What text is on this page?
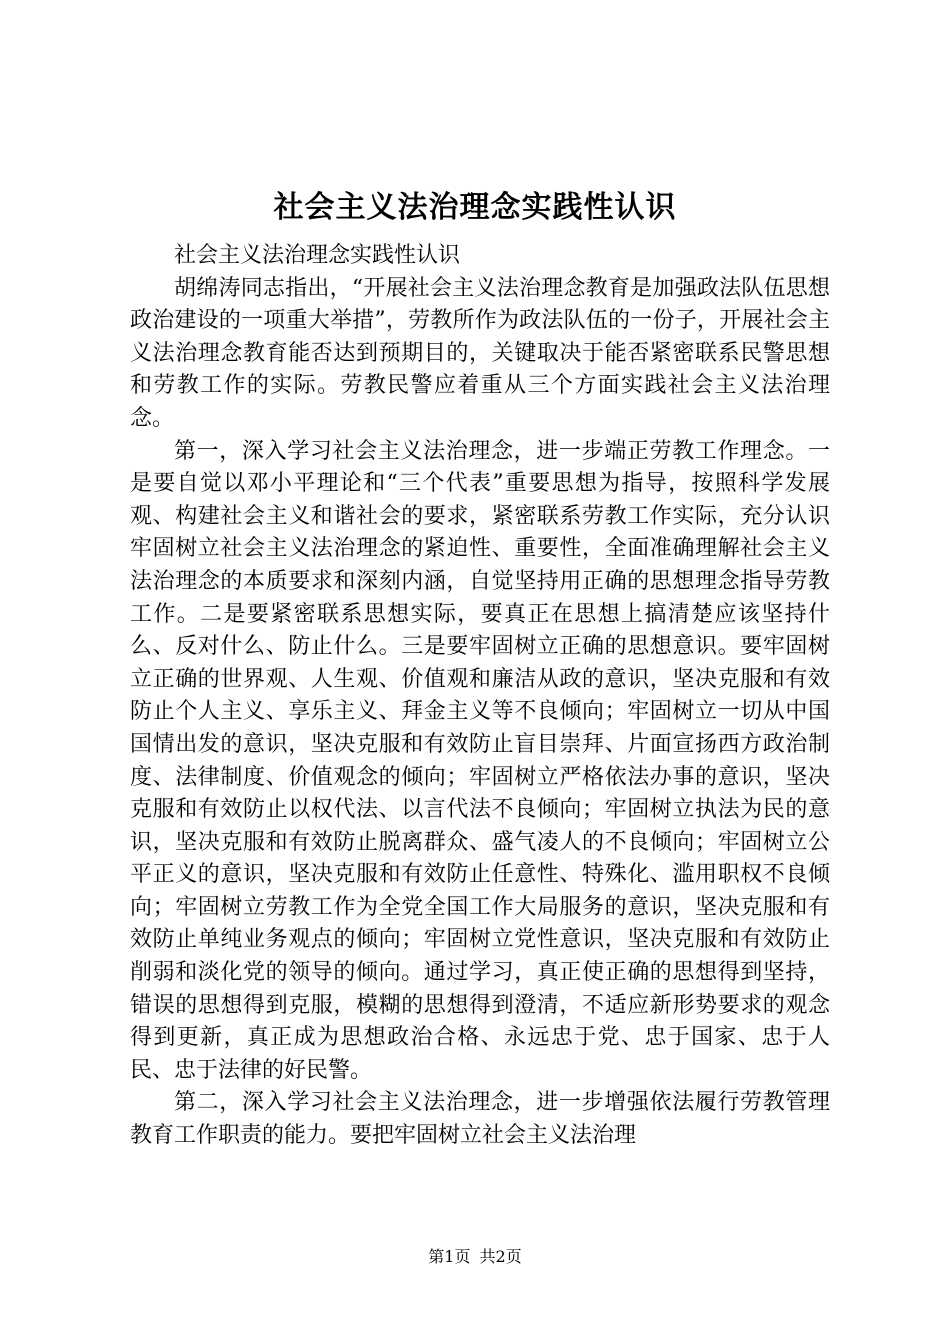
社会主义法治理念实践性认识

社会主义法治理念实践性认识

胡绵涛同志指出，“开展社会主义法治理念教育是加强政法队伍思想政治建设的一项重大举措”，劳教所作为政法队伍的一份子，开展社会主义法治理念教育能否达到预期目的，关键取决于能否紧密联系民警思想和劳教工作的实际。劳教民警应着重从三个方面实践社会主义法治理念。

第一，深入学习社会主义法治理念，进一步端正劳教工作理念。一是要自觉以邓小平理论和“三个代表”重要思想为指导，按照科学发展观、构建社会主义和谐社会的要求，紧密联系劳教工作实际，充分认识牢固树立社会主义法治理念的紧迫性、重要性，全面准确理解社会主义法治理念的本质要求和深刻内涵，自觉坚持用正确的思想理念指导劳教工作。二是要紧密联系思想实际，要真正在思想上搞清楚应该坚持什么、反对什么、防止什么。三是要牢固树立正确的思想意识。要牢固树立正确的世界观、人生观、价值观和廉洁从政的意识，坚决克服和有效防止个人主义、享乐主义、拜金主义等不良倾向；牢固树立一切从中国国情出发的意识，坚决克服和有效防止盲目崇拜、片面宣扬西方政治制度、法律制度、价值观念的倾向；牢固树立严格依法办事的意识，坚决克服和有效防止以权代法、以言代法不良倾向；牢固树立执法为民的意识，坚决克服和有效防止脱离群众、盛气凌人的不良倾向；牢固树立公平正义的意识，坚决克服和有效防止任意性、特殊化、滥用职权不良倾向；牢固树立劳教工作为全党全国工作大局服务的意识，坚决克服和有效防止单纯业务观点的倾向；牢固树立党性意识，坚决克服和有效防止削弱和淡化党的领导的倾向。通过学习，真正使正确的思想得到坚持，错误的思想得到克服，模糊的思想得到澄清，不适应新形势要求的观念得到更新，真正成为思想政治合格、永远忠于党、忠于国家、忠于人民、忠于法律的好民警。

第二，深入学习社会主义法治理念，进一步增强依法履行劳教管理教育工作职责的能力。要把牢固树立社会主义法治理

第1页 共2页
